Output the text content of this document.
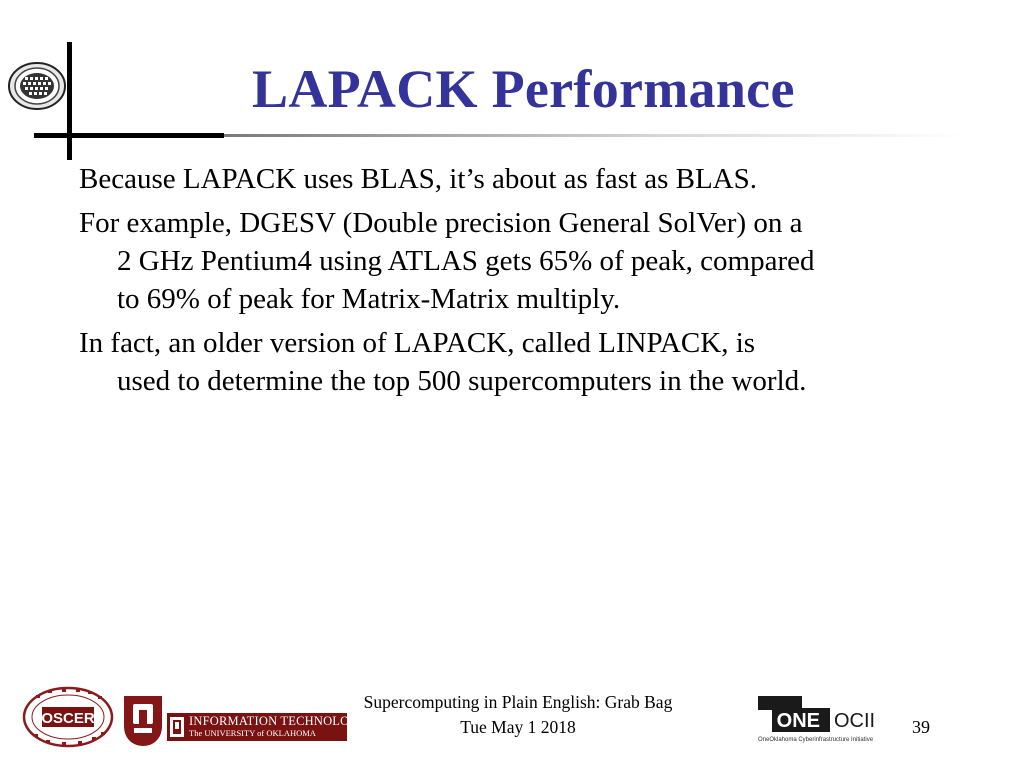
LAPACK Performance

Because LAPACK uses BLAS, it’s about as fast as BLAS.

For example, DGESV (Double precision General SolVer) on a
2 GHz Pentium4 using ATLAS gets 65% of peak, compared
to 69% of peak for Matrix-Matrix multiply.

In fact, an older version of LAPACK, called LINPACK, is
used to determine the top 500 supercomputers in the world.

Supercomputing in Plain English: Grab Bag
Tue May 1 2018	39
OSCER	INFORMATION TECHNOLOGY
The UNIVERSITY of OKLAHOMA
ONE
OneOklahoma Cyberinfrastructure Initiative
OCII
